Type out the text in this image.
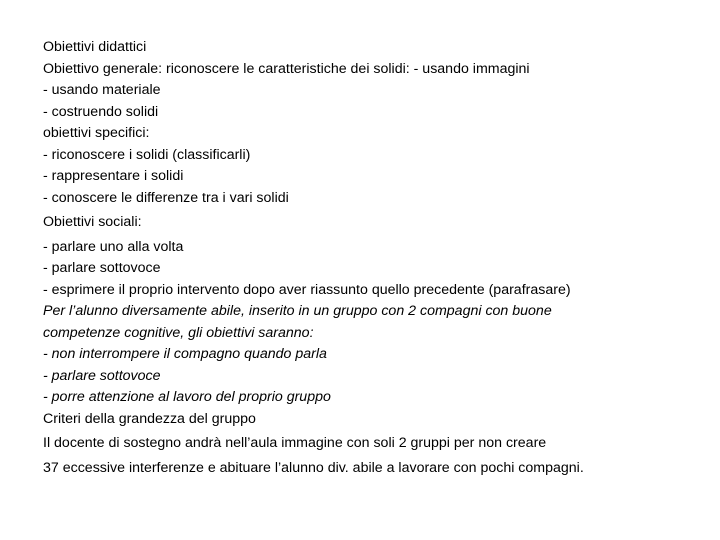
Obiettivi didattici
Obiettivo generale: riconoscere le caratteristiche dei solidi: - usando immagini
- usando materiale
- costruendo solidi
obiettivi specifici:
- riconoscere i solidi (classificarli)
- rappresentare i solidi
- conoscere le differenze tra i vari solidi
Obiettivi sociali:
- parlare uno alla volta
- parlare sottovoce
- esprimere il proprio intervento dopo aver riassunto quello precedente (parafrasare)
Per l’alunno diversamente abile, inserito in un gruppo con 2 compagni con buone
competenze cognitive, gli obiettivi saranno:
- non interrompere il compagno quando parla
- parlare sottovoce
- porre attenzione al lavoro del proprio gruppo
Criteri della grandezza del gruppo
Il docente di sostegno andrà nell’aula immagine con soli 2 gruppi per non creare
37 eccessive interferenze e abituare l’alunno div. abile a lavorare con pochi compagni.
